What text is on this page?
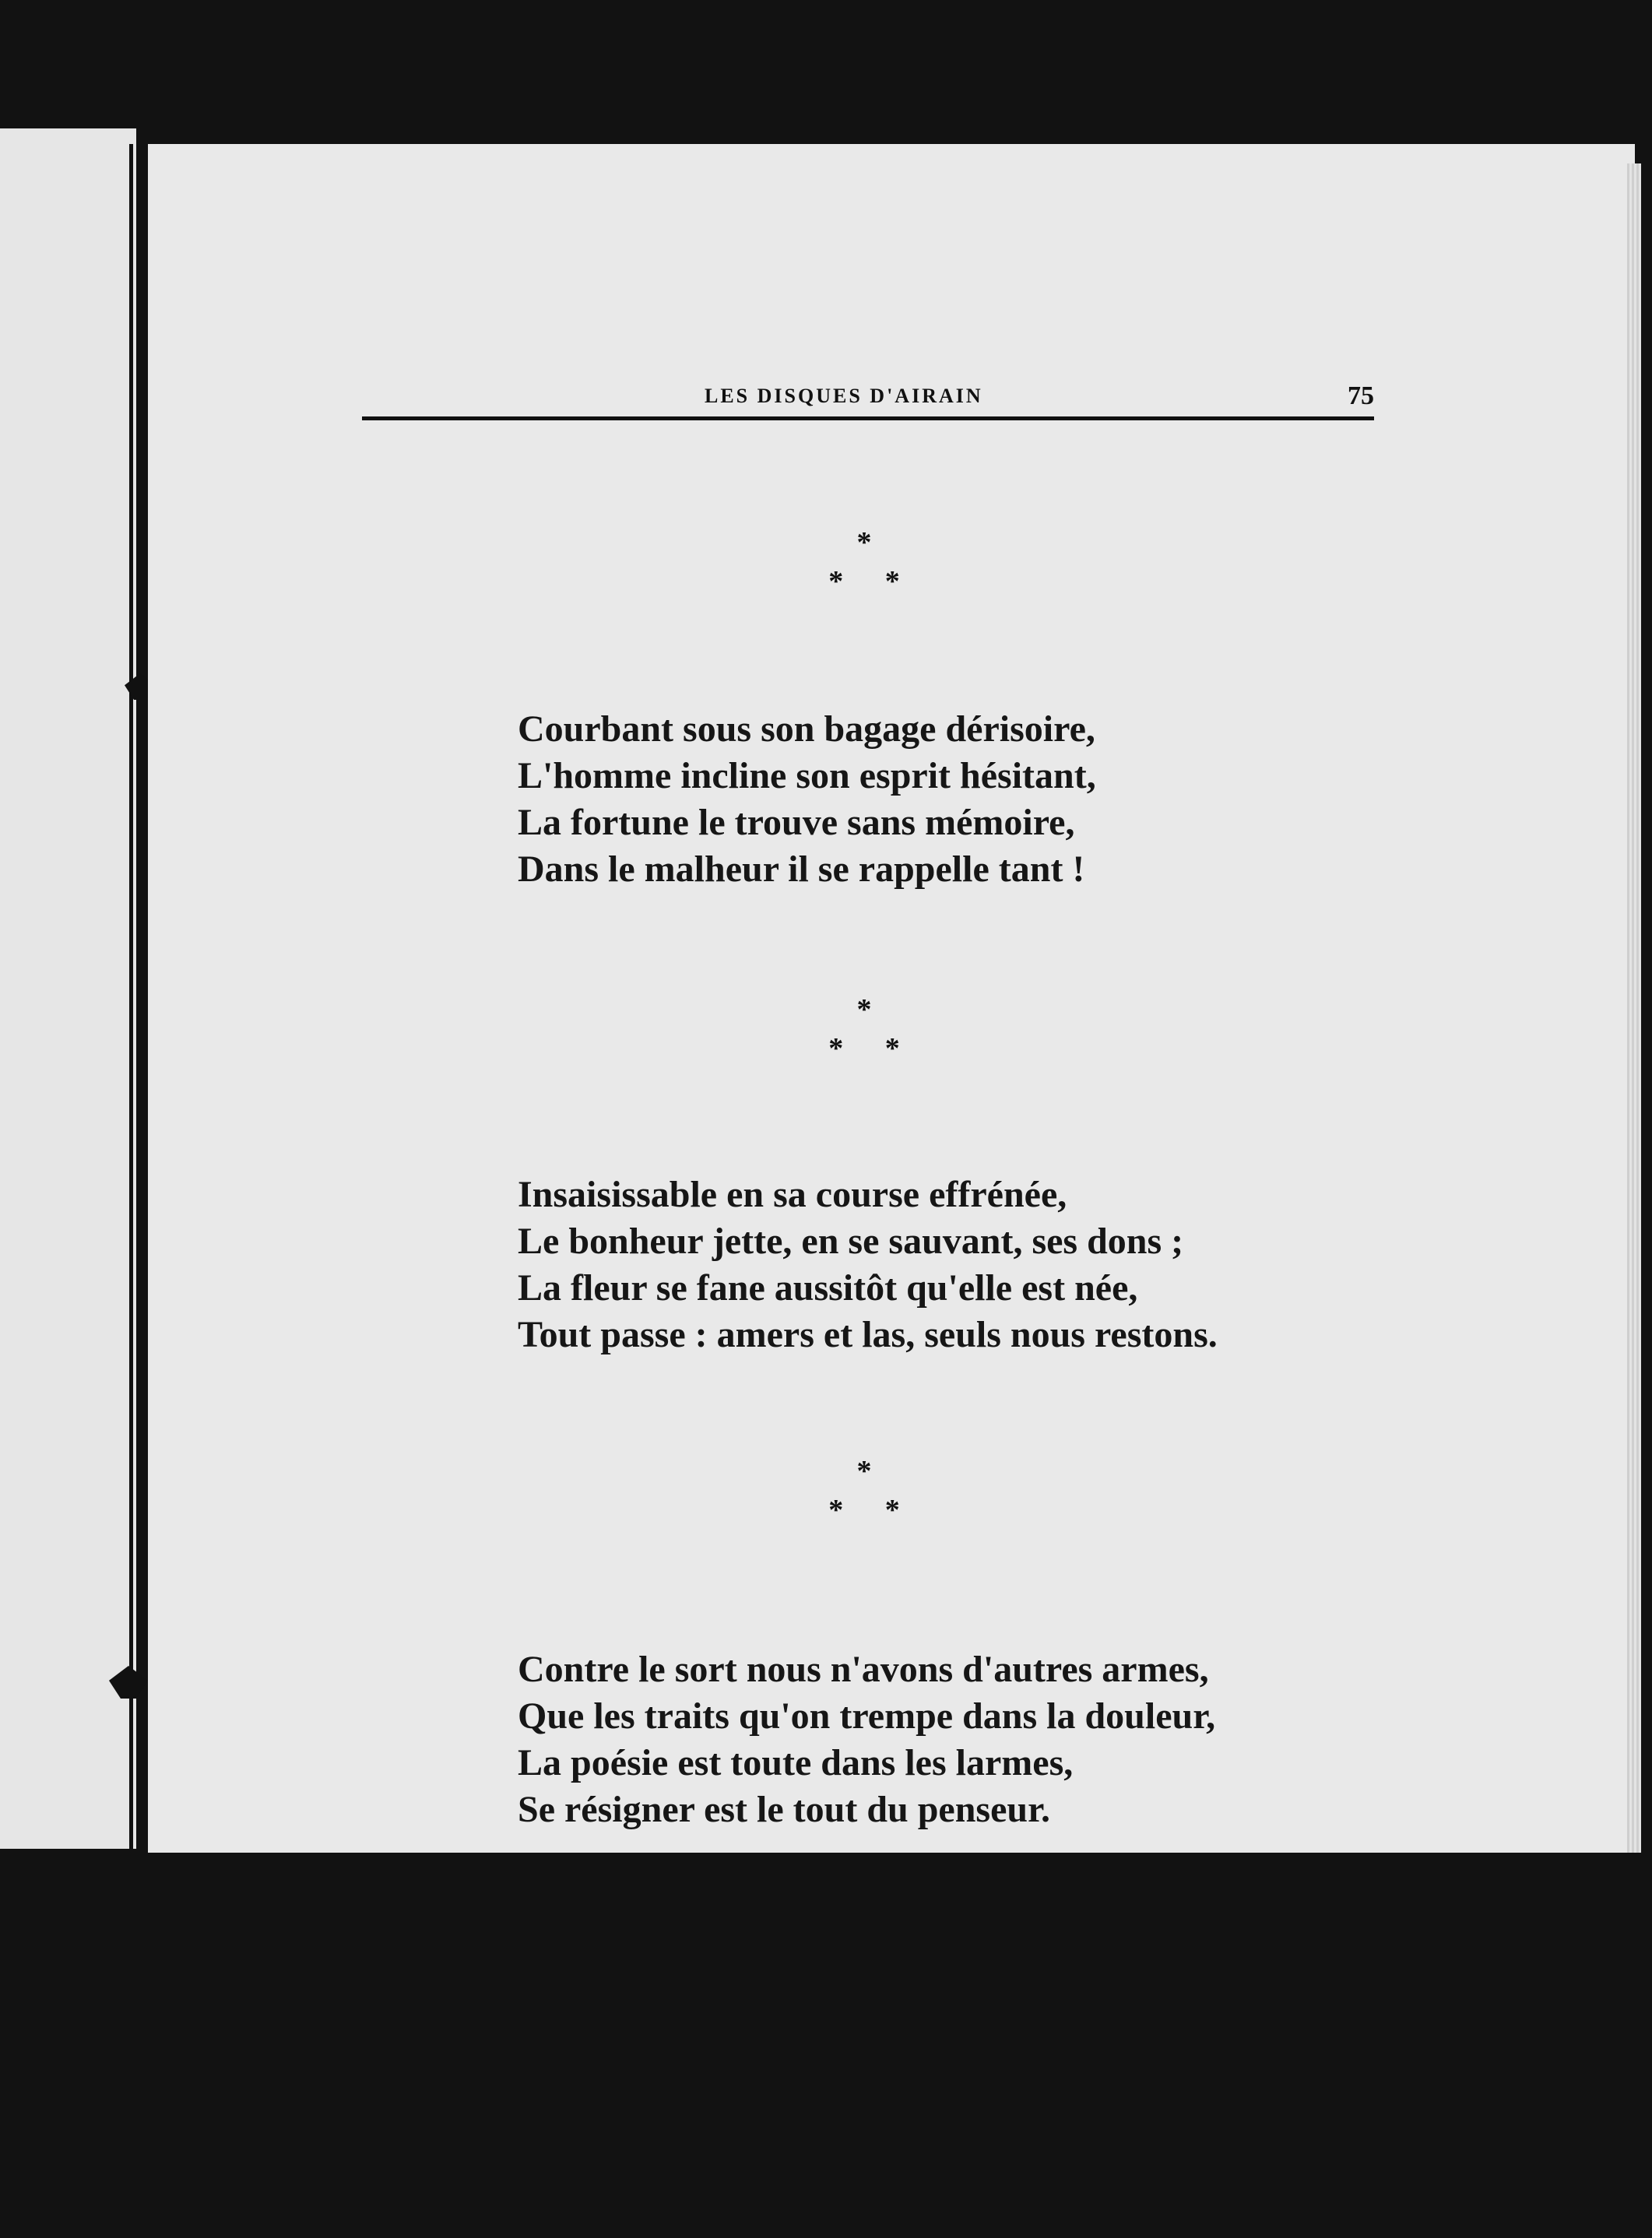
LES DISQUES D'AIRAIN	75
*
* *
Courbant sous son bagage dérisoire,
L'homme incline son esprit hésitant,
La fortune le trouve sans mémoire,
Dans le malheur il se rappelle tant !
*
* *
Insaisissable en sa course effrénée,
Le bonheur jette, en se sauvant, ses dons ;
La fleur se fane aussitôt qu'elle est née,
Tout passe : amers et las, seuls nous restons.
*
* *
Contre le sort nous n'avons d'autres armes,
Que les traits qu'on trempe dans la douleur,
La poésie est toute dans les larmes,
Se résigner est le tout du penseur.
